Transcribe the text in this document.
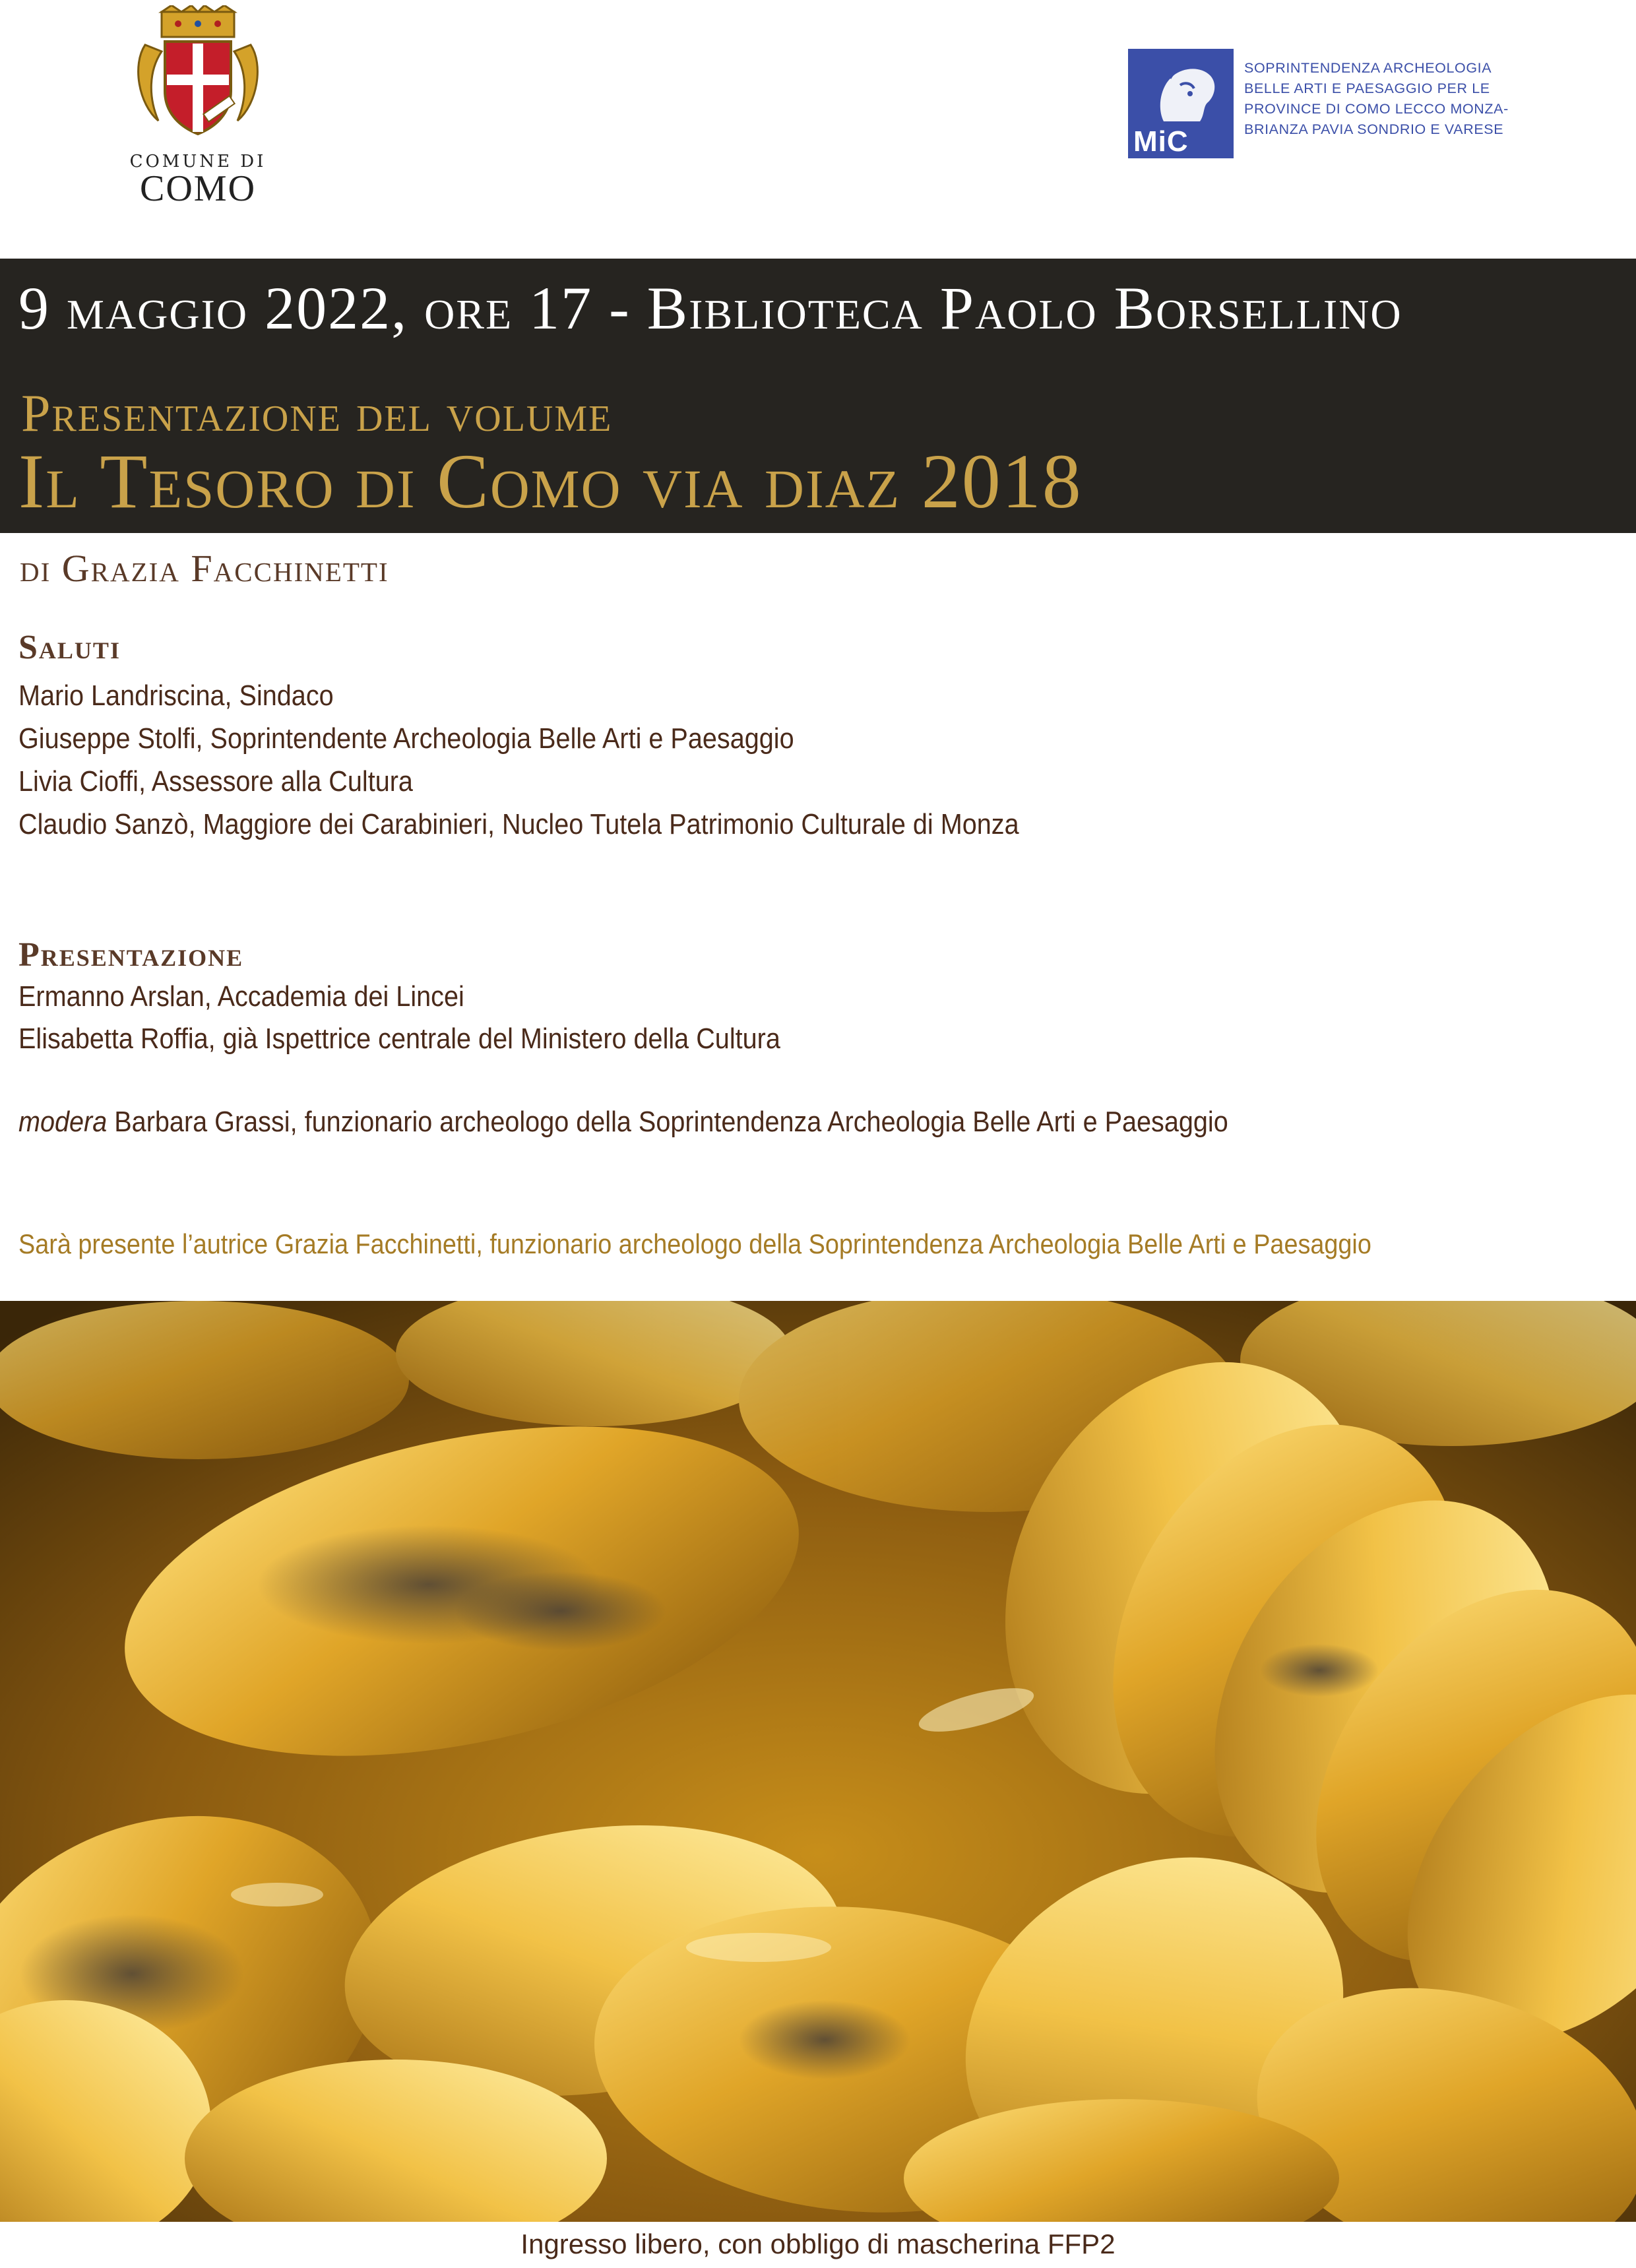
COMUNE DI
COMO
MiC
SOPRINTENDENZA ARCHEOLOGIA
BELLE ARTI E PAESAGGIO PER LE
PROVINCE DI COMO LECCO MONZA-
BRIANZA PAVIA SONDRIO E VARESE
9 maggio 2022, ore 17 - Biblioteca Paolo Borsellino
Presentazione del volume
Il Tesoro di Como via diaz 2018
di Grazia Facchinetti
Saluti
Mario Landriscina, Sindaco
Giuseppe Stolfi, Soprintendente Archeologia Belle Arti e Paesaggio
Livia Cioffi, Assessore alla Cultura
Claudio Sanzò, Maggiore dei Carabinieri, Nucleo Tutela Patrimonio Culturale di Monza
Presentazione
Ermanno Arslan, Accademia dei Lincei
Elisabetta Roffia, già Ispettrice centrale del Ministero della Cultura
modera Barbara Grassi, funzionario archeologo della Soprintendenza Archeologia Belle Arti e Paesaggio
Sarà presente l’autrice Grazia Facchinetti, funzionario archeologo della Soprintendenza Archeologia Belle Arti e Paesaggio
Ingresso libero, con obbligo di mascherina FFP2
